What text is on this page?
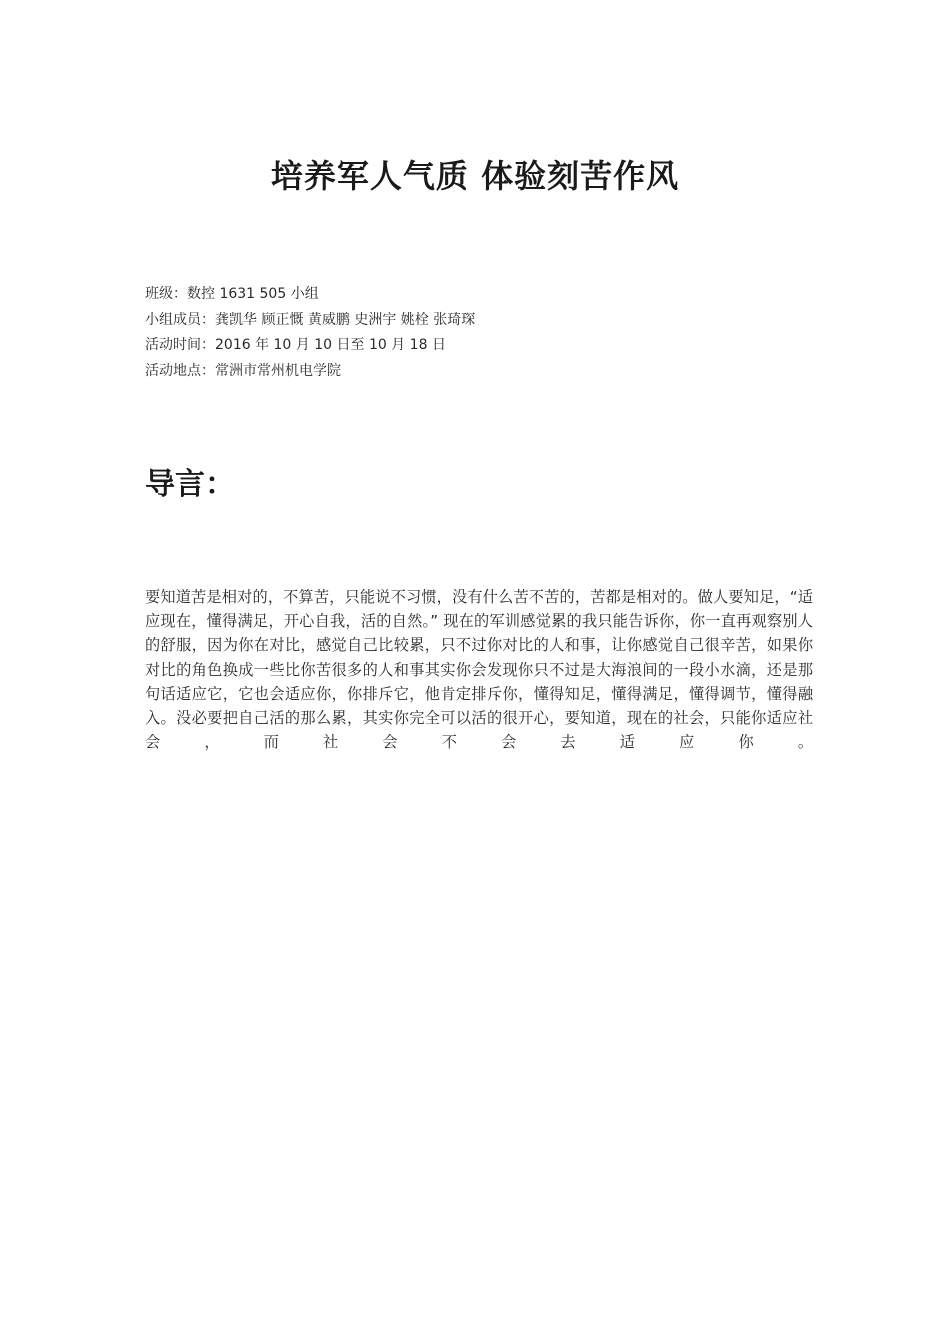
培养军人气质 体验刻苦作风
班级：数控 1631 505 小组
小组成员：龚凯华 顾正慨 黄威鹏 史洲宇 姚栓 张琦琛
活动时间：2016 年 10 月 10 日至 10 月 18 日
活动地点：常洲市常州机电学院
导言：

要知道苦是相对的，不算苦，只能说不习惯，没有什么苦不苦的，苦都是相对的。做人要知足，“适应现在，懂得满足，开心自我，活的自然。” 现在的军训感觉累的我只能告诉你，你一直再观察别人的舒服，因为你在对比，感觉自己比较累，只不过你对比的人和事，让你感觉自己很辛苦，如果你对比的角色换成一些比你苦很多的人和事其实你会发现你只不过是大海浪间的一段小水滴，还是那句话适应它，它也会适应你，你排斥它，他肯定排斥你，懂得知足，懂得满足，懂得调节，懂得融入。没必要把自己活的那么累，其实你完全可以活的很开心，要知道，现在的社会，只能你适应社会，而社会不会去适应你。
